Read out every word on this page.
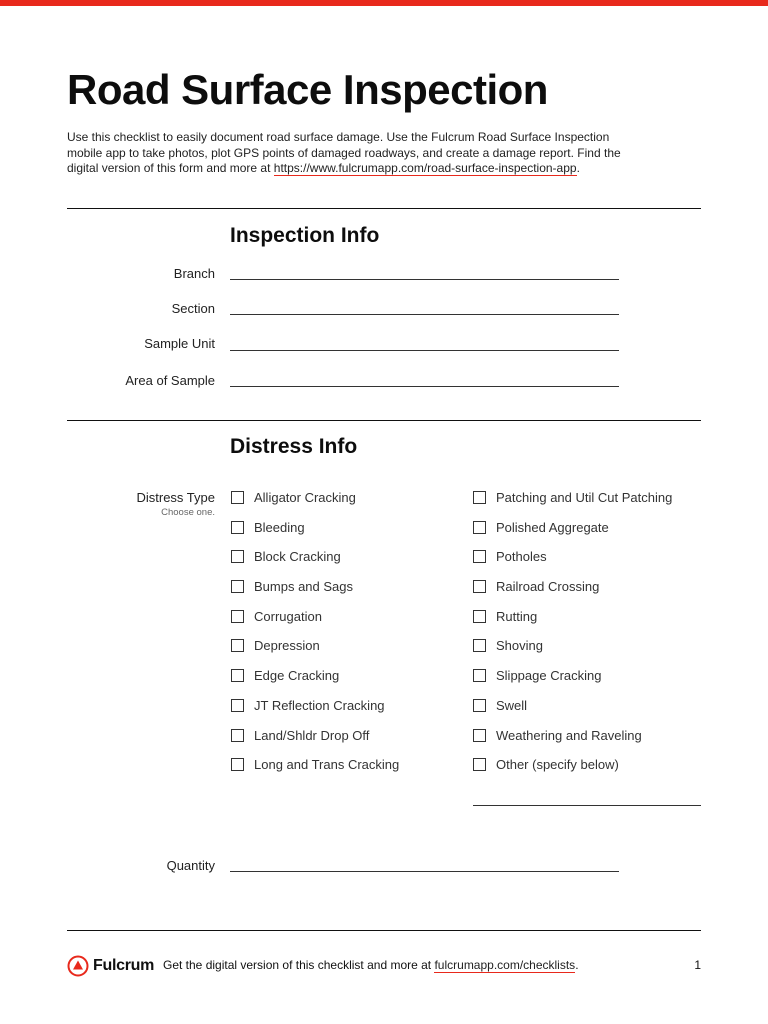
Road Surface Inspection
Use this checklist to easily document road surface damage. Use the Fulcrum Road Surface Inspection mobile app to take photos, plot GPS points of damaged roadways, and create a damage report. Find the digital version of this form and more at https://www.fulcrumapp.com/road-surface-inspection-app.
Inspection Info
Branch
Section
Sample Unit
Area of Sample
Distress Info
Distress Type
Choose one.
Alligator Cracking
Bleeding
Block Cracking
Bumps and Sags
Corrugation
Depression
Edge Cracking
JT Reflection Cracking
Land/Shldr Drop Off
Long and Trans Cracking
Patching and Util Cut Patching
Polished Aggregate
Potholes
Railroad Crossing
Rutting
Shoving
Slippage Cracking
Swell
Weathering and Raveling
Other (specify below)
Quantity
Fulcrum Get the digital version of this checklist and more at fulcrumapp.com/checklists.	1
